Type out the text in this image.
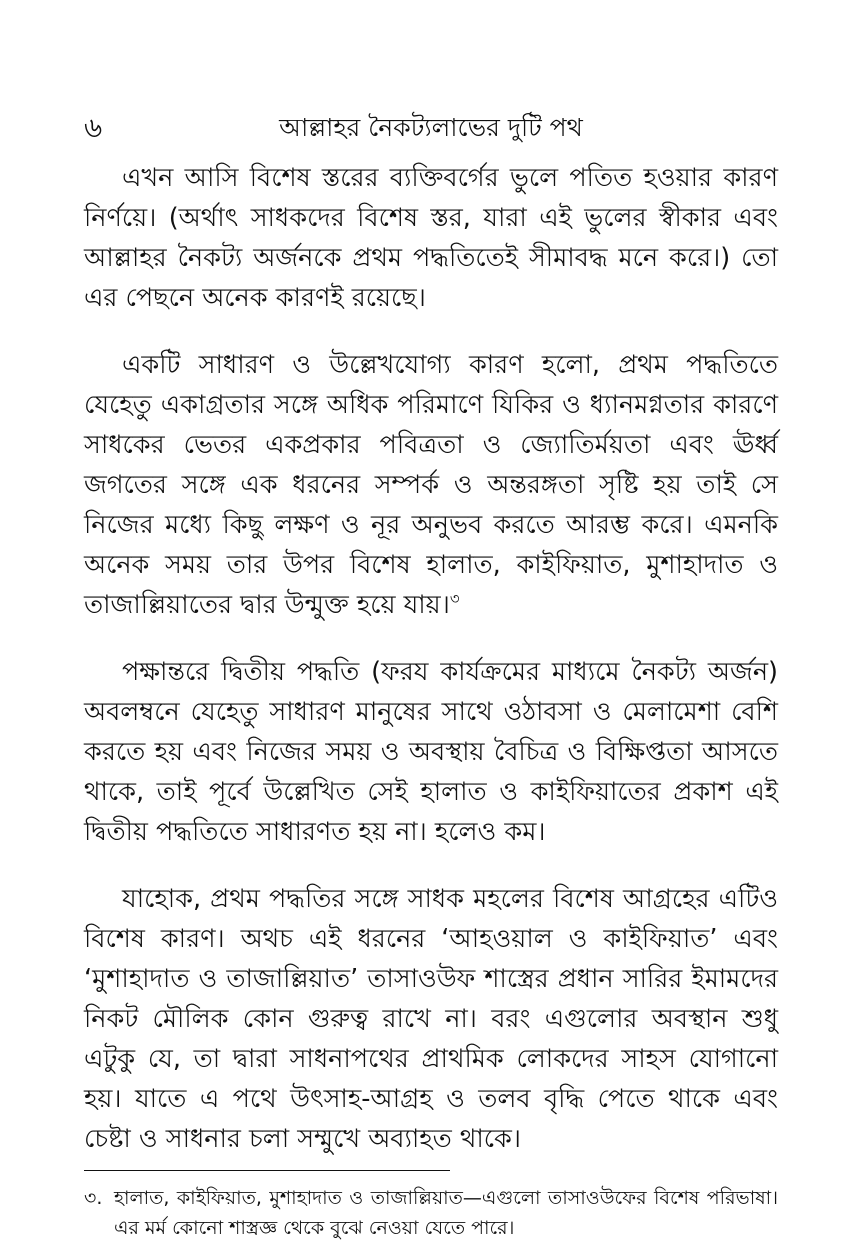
৬	আল্লাহর নৈকট্যলাভের দুটি পথ

এখন আসি বিশেষ স্তরের ব্যক্তিবর্গের ভুলে পতিত হওয়ার কারণ নির্ণয়ে। (অর্থাৎ সাধকদের বিশেষ স্তর, যারা এই ভুলের স্বীকার এবং আল্লাহর নৈকট্য অর্জনকে প্রথম পদ্ধতিতেই সীমাবদ্ধ মনে করে।) তো এর পেছনে অনেক কারণই রয়েছে।

একটি সাধারণ ও উল্লেখযোগ্য কারণ হলো, প্রথম পদ্ধতিতে যেহেতু একাগ্রতার সঙ্গে অধিক পরিমাণে যিকির ও ধ্যানমগ্নতার কারণে সাধকের ভেতর একপ্রকার পবিত্রতা ও জ্যোতির্ময়তা এবং ঊর্ধ্ব জগতের সঙ্গে এক ধরনের সম্পর্ক ও অন্তরঙ্গতা সৃষ্টি হয় তাই সে নিজের মধ্যে কিছু লক্ষণ ও নূর অনুভব করতে আরম্ভ করে। এমনকি অনেক সময় তার উপর বিশেষ হালাত, কাইফিয়াত, মুশাহাদাত ও তাজাল্লিয়াতের দ্বার উন্মুক্ত হয়ে যায়।$^৩$

পক্ষান্তরে দ্বিতীয় পদ্ধতি (ফরয কার্যক্রমের মাধ্যমে নৈকট্য অর্জন) অবলম্বনে যেহেতু সাধারণ মানুষের সাথে ওঠাবসা ও মেলামেশা বেশি করতে হয় এবং নিজের সময় ও অবস্থায় বৈচিত্র ও বিক্ষিপ্ততা আসতে থাকে, তাই পূর্বে উল্লেখিত সেই হালাত ও কাইফিয়াতের প্রকাশ এই দ্বিতীয় পদ্ধতিতে সাধারণত হয় না। হলেও কম।

যাহোক, প্রথম পদ্ধতির সঙ্গে সাধক মহলের বিশেষ আগ্রহের এটিও বিশেষ কারণ। অথচ এই ধরনের ‘আহওয়াল ও কাইফিয়াত’ এবং ‘মুশাহাদাত ও তাজাল্লিয়াত’ তাসাওউফ শাস্ত্রের প্রধান সারির ইমামদের নিকট মৌলিক কোন গুরুত্ব রাখে না। বরং এগুলোর অবস্থান শুধু এটুকু যে, তা দ্বারা সাধনাপথের প্রাথমিক লোকদের সাহস যোগানো হয়। যাতে এ পথে উৎসাহ-আগ্রহ ও তলব বৃদ্ধি পেতে থাকে এবং চেষ্টা ও সাধনার চলা সম্মুখে অব্যাহত থাকে।

৩. হালাত, কাইফিয়াত, মুশাহাদাত ও তাজাল্লিয়াত—এগুলো তাসাওউফের বিশেষ পরিভাষা। এর মর্ম কোনো শাস্ত্রজ্ঞ থেকে বুঝে নেওয়া যেতে পারে।
